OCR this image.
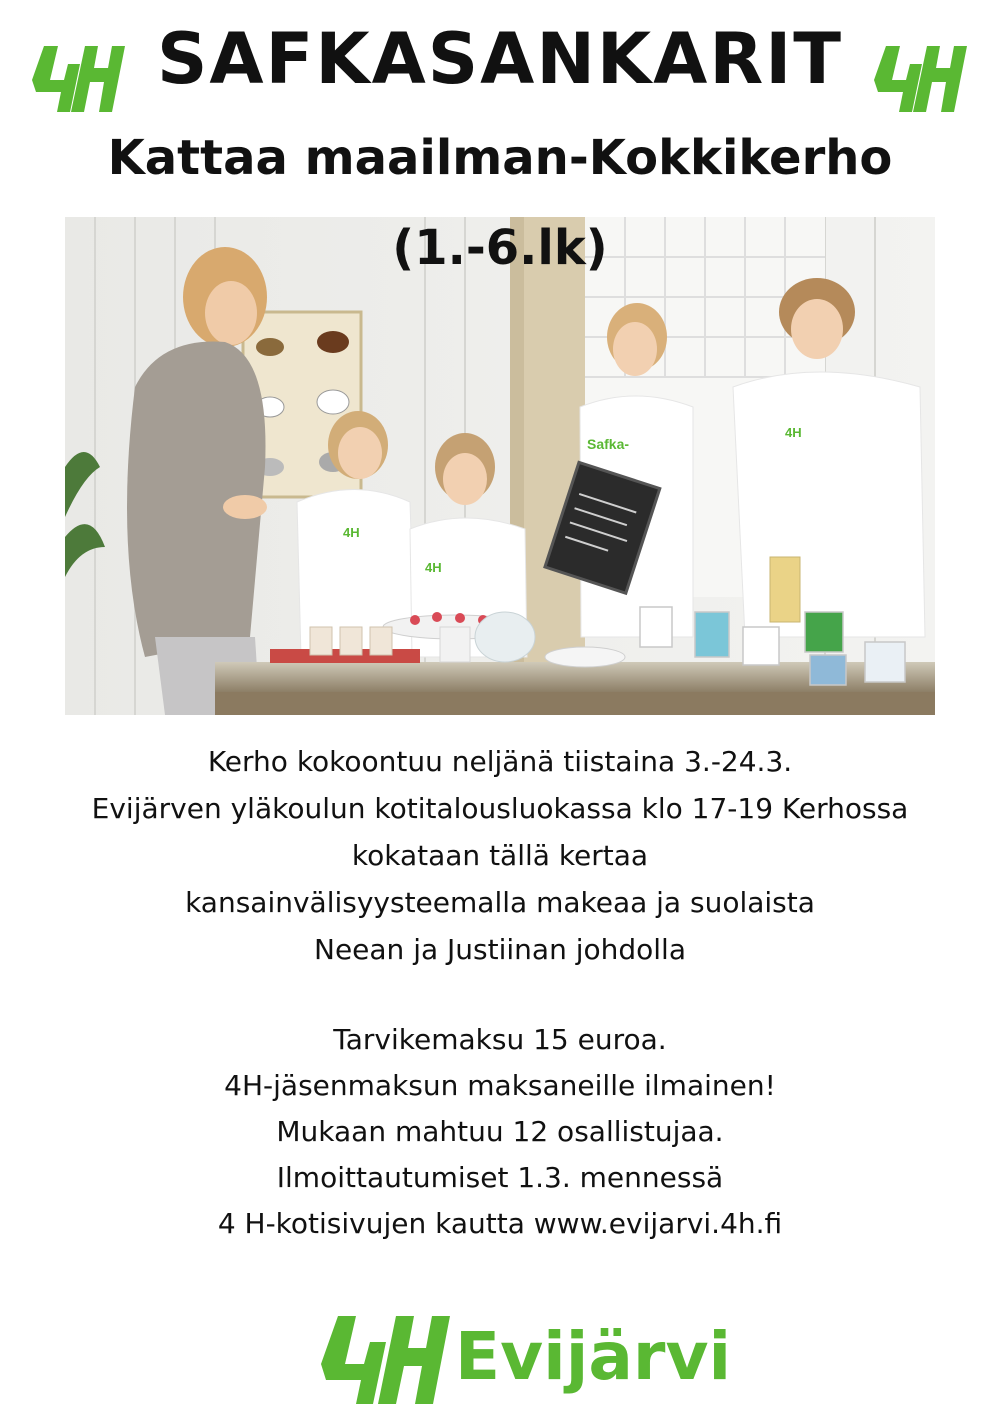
SAFKASANKARIT
Kattaa maailman-Kokkikerho
4H
4H
Safka-
4H
(1.-6.lk)
Kerho kokoontuu neljänä tiistaina 3.-24.3.
Evijärven yläkoulun kotitalousluokassa klo 17-19 Kerhossa
kokataan tällä kertaa
kansainvälisyysteemalla makeaa ja suolaista
Neean ja Justiinan johdolla
Tarvikemaksu 15 euroa.
4H-jäsenmaksun maksaneille ilmainen!
Mukaan mahtuu 12 osallistujaa.
Ilmoittautumiset 1.3. mennessä
4 H-kotisivujen kautta www.evijarvi.4h.fi
Evijärvi
